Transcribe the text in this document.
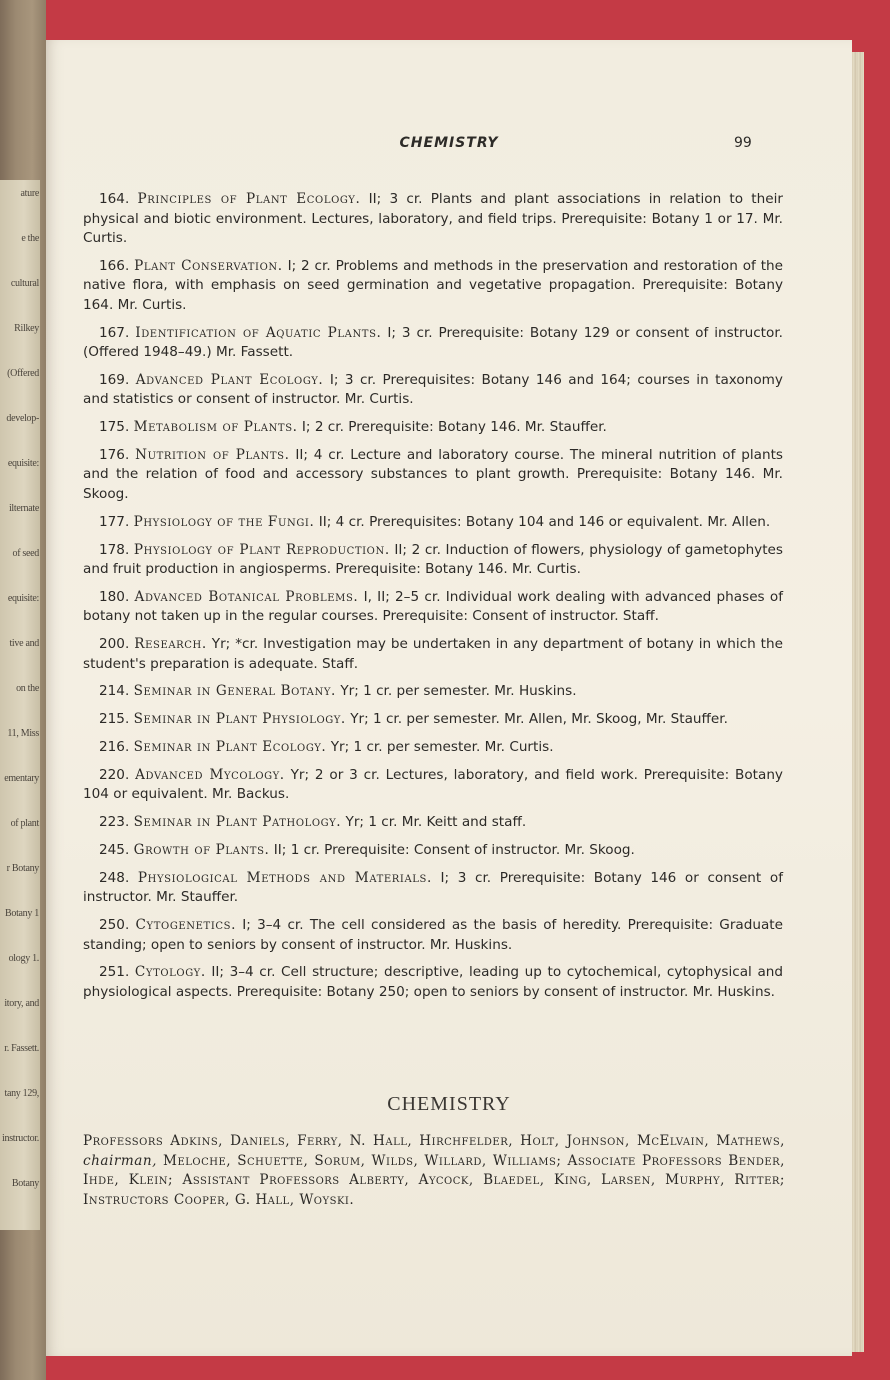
ature
e the
cultural
Rilkey
(Offered
develop-
equisite:
ilternate
of seed
equisite:
tive and
on the
11, Miss
ementary
of plant
r Botany
Botany 1
ology 1.
itory, and
r. Fassett.
tany 129,
instructor.
Botany

CHEMISTRY	99

164. Principles of Plant Ecology. II; 3 cr. Plants and plant associations in relation to their physical and biotic environment. Lectures, laboratory, and field trips. Prerequisite: Botany 1 or 17. Mr. Curtis.

166. Plant Conservation. I; 2 cr. Problems and methods in the preservation and restoration of the native flora, with emphasis on seed germination and vegetative propagation. Prerequisite: Botany 164. Mr. Curtis.

167. Identification of Aquatic Plants. I; 3 cr. Prerequisite: Botany 129 or consent of instructor. (Offered 1948–49.) Mr. Fassett.

169. Advanced Plant Ecology. I; 3 cr. Prerequisites: Botany 146 and 164; courses in taxonomy and statistics or consent of instructor. Mr. Curtis.

175. Metabolism of Plants. I; 2 cr. Prerequisite: Botany 146. Mr. Stauffer.

176. Nutrition of Plants. II; 4 cr. Lecture and laboratory course. The mineral nutrition of plants and the relation of food and accessory substances to plant growth. Prerequisite: Botany 146. Mr. Skoog.

177. Physiology of the Fungi. II; 4 cr. Prerequisites: Botany 104 and 146 or equivalent. Mr. Allen.

178. Physiology of Plant Reproduction. II; 2 cr. Induction of flowers, physiology of gametophytes and fruit production in angiosperms. Prerequisite: Botany 146. Mr. Curtis.

180. Advanced Botanical Problems. I, II; 2–5 cr. Individual work dealing with advanced phases of botany not taken up in the regular courses. Prerequisite: Consent of instructor. Staff.

200. Research. Yr; *cr. Investigation may be undertaken in any department of botany in which the student's preparation is adequate. Staff.

214. Seminar in General Botany. Yr; 1 cr. per semester. Mr. Huskins.

215. Seminar in Plant Physiology. Yr; 1 cr. per semester. Mr. Allen, Mr. Skoog, Mr. Stauffer.

216. Seminar in Plant Ecology. Yr; 1 cr. per semester. Mr. Curtis.

220. Advanced Mycology. Yr; 2 or 3 cr. Lectures, laboratory, and field work. Prerequisite: Botany 104 or equivalent. Mr. Backus.

223. Seminar in Plant Pathology. Yr; 1 cr. Mr. Keitt and staff.

245. Growth of Plants. II; 1 cr. Prerequisite: Consent of instructor. Mr. Skoog.

248. Physiological Methods and Materials. I; 3 cr. Prerequisite: Botany 146 or consent of instructor. Mr. Stauffer.

250. Cytogenetics. I; 3–4 cr. The cell considered as the basis of heredity. Prerequisite: Graduate standing; open to seniors by consent of instructor. Mr. Huskins.

251. Cytology. II; 3–4 cr. Cell structure; descriptive, leading up to cytochemical, cytophysical and physiological aspects. Prerequisite: Botany 250; open to seniors by consent of instructor. Mr. Huskins.

CHEMISTRY
Professors Adkins, Daniels, Ferry, N. Hall, Hirchfelder, Holt, Johnson, McElvain, Mathews, chairman, Meloche, Schuette, Sorum, Wilds, Willard, Williams; Associate Professors Bender, Ihde, Klein; Assistant Professors Alberty, Aycock, Blaedel, King, Larsen, Murphy, Ritter; Instructors Cooper, G. Hall, Woyski.
